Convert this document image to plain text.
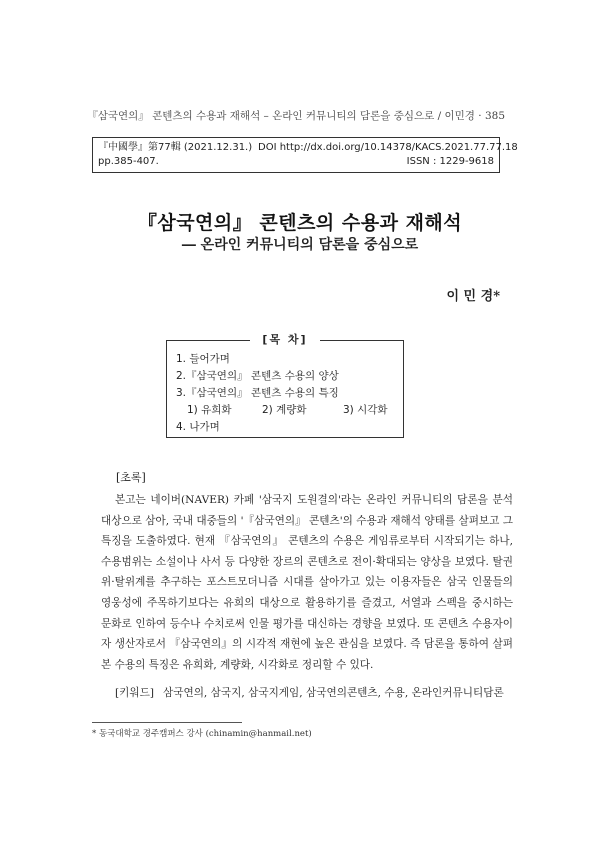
『삼국연의』 콘텐츠의 수용과 재해석 – 온라인 커뮤니티의 담론을 중심으로 / 이민경 · 385
『中國學』第77輯 (2021.12.31.) DOI http://dx.doi.org/10.14378/KACS.2021.77.77.18
pp.385-407.	ISSN : 1229-9618
『삼국연의』 콘텐츠의 수용과 재해석
― 온라인 커뮤니티의 담론을 중심으로
이 민 경*
1. 들어가며
2.『삼국연의』 콘텐츠 수용의 양상
3.『삼국연의』 콘텐츠 수용의 특징
1) 유희화	2) 계량화	3) 시각화
4. 나가며
[목 차]
[초록]
본고는 네이버(NAVER) 카페 '삼국지 도원결의'라는 온라인 커뮤니티의 담론을 분석 대상으로 삼아, 국내 대중들의 '『삼국연의』 콘텐츠'의 수용과 재해석 양태를 살펴보고 그 특징을 도출하였다. 현재 『삼국연의』 콘텐츠의 수용은 게임류로부터 시작되기는 하나, 수용범위는 소설이나 사서 등 다양한 장르의 콘텐츠로 전이·확대되는 양상을 보였다. 탈권위·탈위계를 추구하는 포스트모더니즘 시대를 살아가고 있는 이용자들은 삼국 인물들의 영웅성에 주목하기보다는 유희의 대상으로 활용하기를 즐겼고, 서열과 스펙을 중시하는 문화로 인하여 등수나 수치로써 인물 평가를 대신하는 경향을 보였다. 또 콘텐츠 수용자이자 생산자로서 『삼국연의』의 시각적 재현에 높은 관심을 보였다. 즉 담론을 통하여 살펴본 수용의 특징은 유희화, 계량화, 시각화로 정리할 수 있다.
[키워드] 삼국연의, 삼국지, 삼국지게임, 삼국연의콘텐츠, 수용, 온라인커뮤니티담론
* 동국대학교 경주캠퍼스 강사 (chinamin@hanmail.net)
